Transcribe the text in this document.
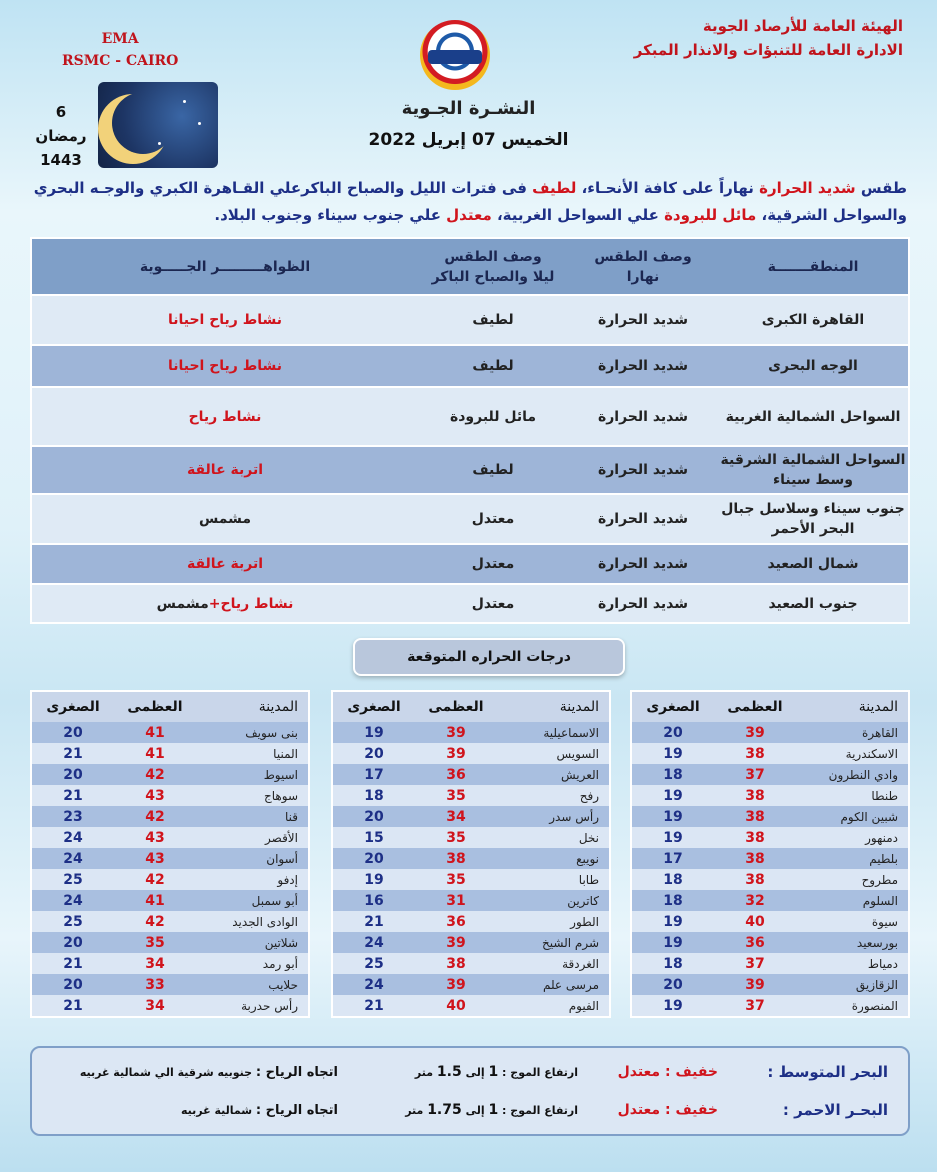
الهيئة العامة للأرصاد الجوية
الادارة العامة للتنبؤات والانذار المبكر
EMA
RSMC - CAIRO
6
رمضان
1443
النشـرة الجـوية
الخميس 07 إبريل 2022
طقس شديد الحرارة نهاراً على كافة الأنحـاء، لطيف فى فترات الليل والصباح الباكرعلي القـاهرة الكبري والوجـه البحري والسواحل الشرقية، مائل للبرودة علي السواحل الغربية، معتدل علي جنوب سيناء وجنوب البلاد.
المنطقـــــــة
وصف الطقس
نهارا
وصف الطقس
ليلا والصباح الباكر
الظواهـــــــــر الجـــــوية
القاهرة الكبرى
شديد الحرارة
لطيف
نشاط رياح احيانا
الوجه البحرى
شديد الحرارة
لطيف
نشاط رياح احيانا
السواحل الشمالية الغربية
شديد الحرارة
مائل للبرودة
نشاط رياح
السواحل الشمالية الشرقية وسط سيناء
شديد الحرارة
لطيف
اتربة عالقة
جنوب سيناء وسلاسل جبال البحر الأحمر
شديد الحرارة
معتدل
مشمس
شمال الصعيد
شديد الحرارة
معتدل
اتربة عالقة
جنوب الصعيد
شديد الحرارة
معتدل
نشاط رياح+
مشمس
درجات الحراره المتوقعة
المدينة
العظمى
الصغرى
القاهرة
39
20
الاسكندرية
38
19
وادي النطرون
37
18
طنطا
38
19
شبين الكوم
38
19
دمنهور
38
19
بلطيم
38
17
مطروح
38
18
السلوم
32
18
سيوة
40
19
بورسعيد
36
19
دمياط
37
18
الزقازيق
39
20
المنصورة
37
19
المدينة
العظمى
الصغرى
الاسماعيلية
39
19
السويس
39
20
العريش
36
17
رفح
35
18
رأس سدر
34
20
نخل
35
15
نويبع
38
20
طابا
35
19
كاترين
31
16
الطور
36
21
شرم الشيخ
39
24
الغردقة
38
25
مرسى علم
39
24
الفيوم
40
21
المدينة
العظمى
الصغرى
بنى سويف
41
20
المنيا
41
21
اسيوط
42
20
سوهاج
43
21
قنا
42
23
الأقصر
43
24
أسوان
43
24
إدفو
42
25
أبو سمبل
41
24
الوادى الجديد
42
25
شلاتين
35
20
أبو رمد
34
21
حلايب
33
20
رأس حدربة
34
21
البحر المتوسط :
خفيف : معتدل
ارتفاع الموج : 1 إلى 1.5 متر
اتجاه الرياح : جنوبيه شرقية الي شمالية غربيه
البحـر الاحمر :
خفيف : معتدل
ارتفاع الموج : 1 إلى 1.75 متر
اتجاه الرياح : شمالية غربيه
